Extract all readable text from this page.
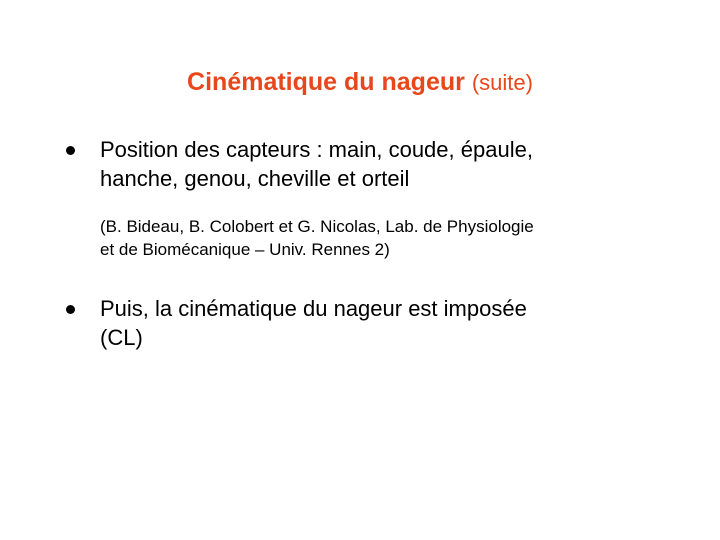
Cinématique du nageur (suite)
Position des capteurs : main, coude, épaule,
hanche, genou, cheville et orteil
(B. Bideau, B. Colobert et G. Nicolas, Lab. de Physiologie
et de Biomécanique – Univ. Rennes 2)
Puis, la cinématique du nageur est imposée
(CL)
